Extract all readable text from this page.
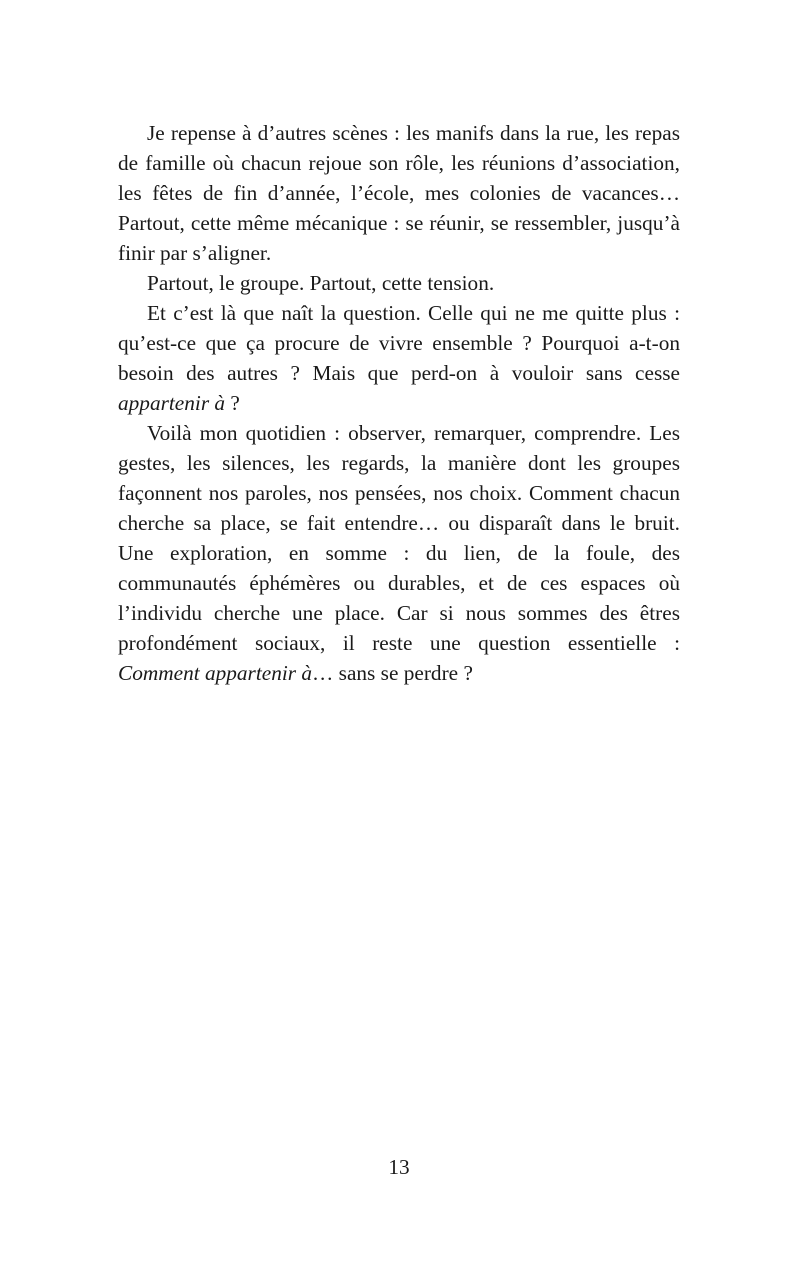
Je repense à d’autres scènes : les manifs dans la rue, les repas de famille où chacun rejoue son rôle, les réunions d’association, les fêtes de fin d’année, l’école, mes colonies de vacances… Partout, cette même mécanique : se réunir, se ressembler, jusqu’à finir par s’aligner.

Partout, le groupe. Partout, cette tension.

Et c’est là que naît la question. Celle qui ne me quitte plus : qu’est-ce que ça procure de vivre ensemble ? Pourquoi a-t-on besoin des autres ? Mais que perd-on à vouloir sans cesse appartenir à ?

Voilà mon quotidien : observer, remarquer, comprendre. Les gestes, les silences, les regards, la manière dont les groupes façonnent nos paroles, nos pensées, nos choix. Comment chacun cherche sa place, se fait entendre… ou disparaît dans le bruit. Une exploration, en somme : du lien, de la foule, des communautés éphémères ou durables, et de ces espaces où l’individu cherche une place. Car si nous sommes des êtres profondément sociaux, il reste une question essentielle : Comment appartenir à… sans se perdre ?

13
